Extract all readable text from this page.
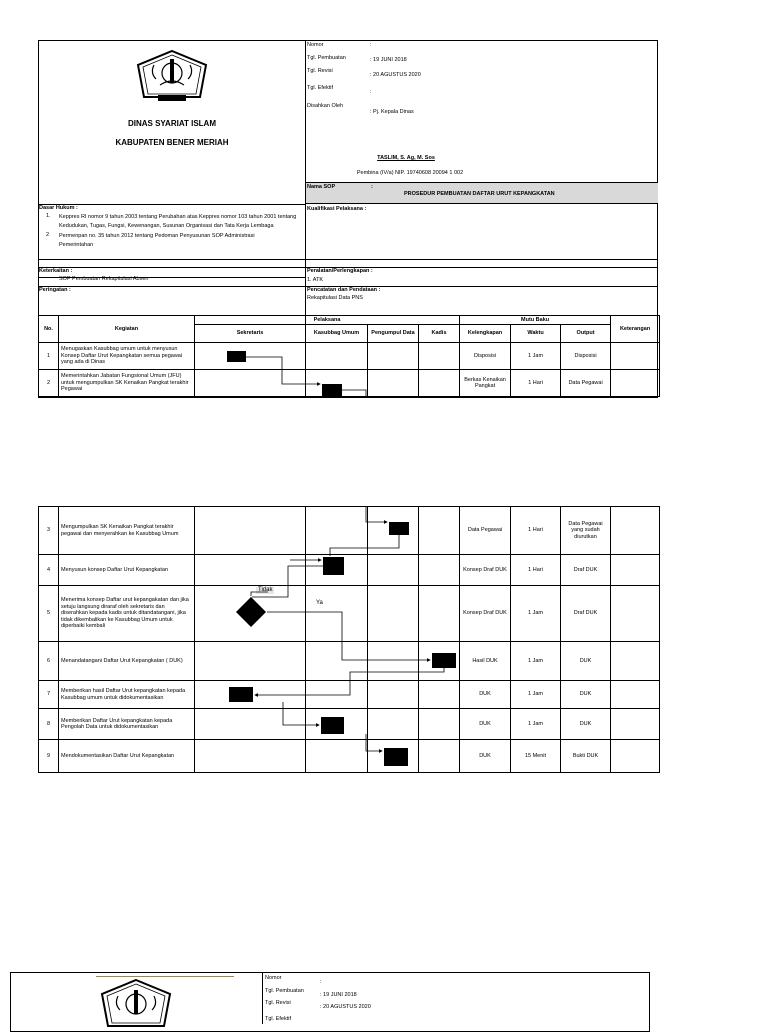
DINAS SYARIAT ISLAM
KABUPATEN BENER MERIAH
Nomor	:
Tgl. Pembuatan	: 19 JUNI 2018
Tgl. Revisi
: 20 AGUSTUS 2020
Tgl. Efektif
:
Disahkan Oleh
: Pj. Kepala Dinas
TASLIM, S. Ag, M. Sos
Pembina (IV/a) NIP. 19740608 20094 1 002
Nama SOP	:
PROSEDUR PEMBUATAN DAFTAR URUT KEPANGKATAN
Dasar Hukum :
1. Keppres RI nomor 9 tahun 2003 tentang Perubahan atas Keppres nomor 103 tahun 2001 tentang Kedudukan, Tugas, Fungsi, Kewenangan, Susunan Organisasi dan Tata Kerja Lembaga
2 Permenpan no. 35 tahun 2012 tentang Pedoman Penyusunan SOP Administrasi Pemerintahan
Kualifikasi Pelaksana :
Keterkaitan :
SOP Pembuatan Rekapitulasi Absen
Peringatan :
Peralatan/Perlengkapan :
1. ATK
Pencatatan dan Pendataan :
Rekapitulasi Data PNS
No.	Kegiatan	Pelaksana				Mutu Baku			Keterangan
		Sekretaris	Kasubbag Umum	Pengumpul Data	Kadis	Kelengkapan	Waktu	Output	
1	Menugaskan Kasubbag umum untuk menyusun Konsep Daftar Urut Kepangkatan semua pegawai yang ada di Dinas					Disposisi	1 Jam	Disposisi	
2	Memerintahkan Jabatan Fungsional Umum (JFU) untuk mengumpulkan SK Kenaikan Pangkat terakhir Pegawai					Berkas Kenaikan Pangkat	1 Hari	Data Pegawai	
3	Mengumpulkan SK Kenaikan Pangkat terakhir pegawai dan menyerahkan ke Kasubbag Umum					Data Pegawai	1 Hari	Data Pegawai yang sudah diurutkan	
4	Menyusun konsep Daftar Urut Kepangkatan					Konsep Draf DUK	1 Hari	Draf DUK	
5	Menerima konsep Daftar urut kepangakatan dan jika setuju langsung diraraf oleh sekretaris dan diserahkan kepada kadis untuk ditandatangani, jika tidak dikembalikan ke Kasubbag Umum untuk diperbaiki kembali					Konsep Draf DUK	1 Jam	Draf DUK	
6	Menandatangani Daftar Urut Kepangkatan ( DUK)					Hasil DUK	1 Jam	DUK	
7	Memberikan hasil Daftar Urut kepangkatan kepada Kasubbag umum untuk didokumentasikan					DUK	1 Jam	DUK	
8	Memberikan Daftar Urut kepangkatan kepada Pengolah Data untuk didokumentasikan					DUK	1 Jam	DUK	
9	Mendokumentasikan Daftar Urut Kepangkatan					DUK	15 Menit	Bukti DUK	
Tidak
Ya
Nomor
:
Tgl. Pembuatan
: 19 JUNI 2018
Tgl. Revisi
: 20 AGUSTUS 2020
Tgl. Efektif
